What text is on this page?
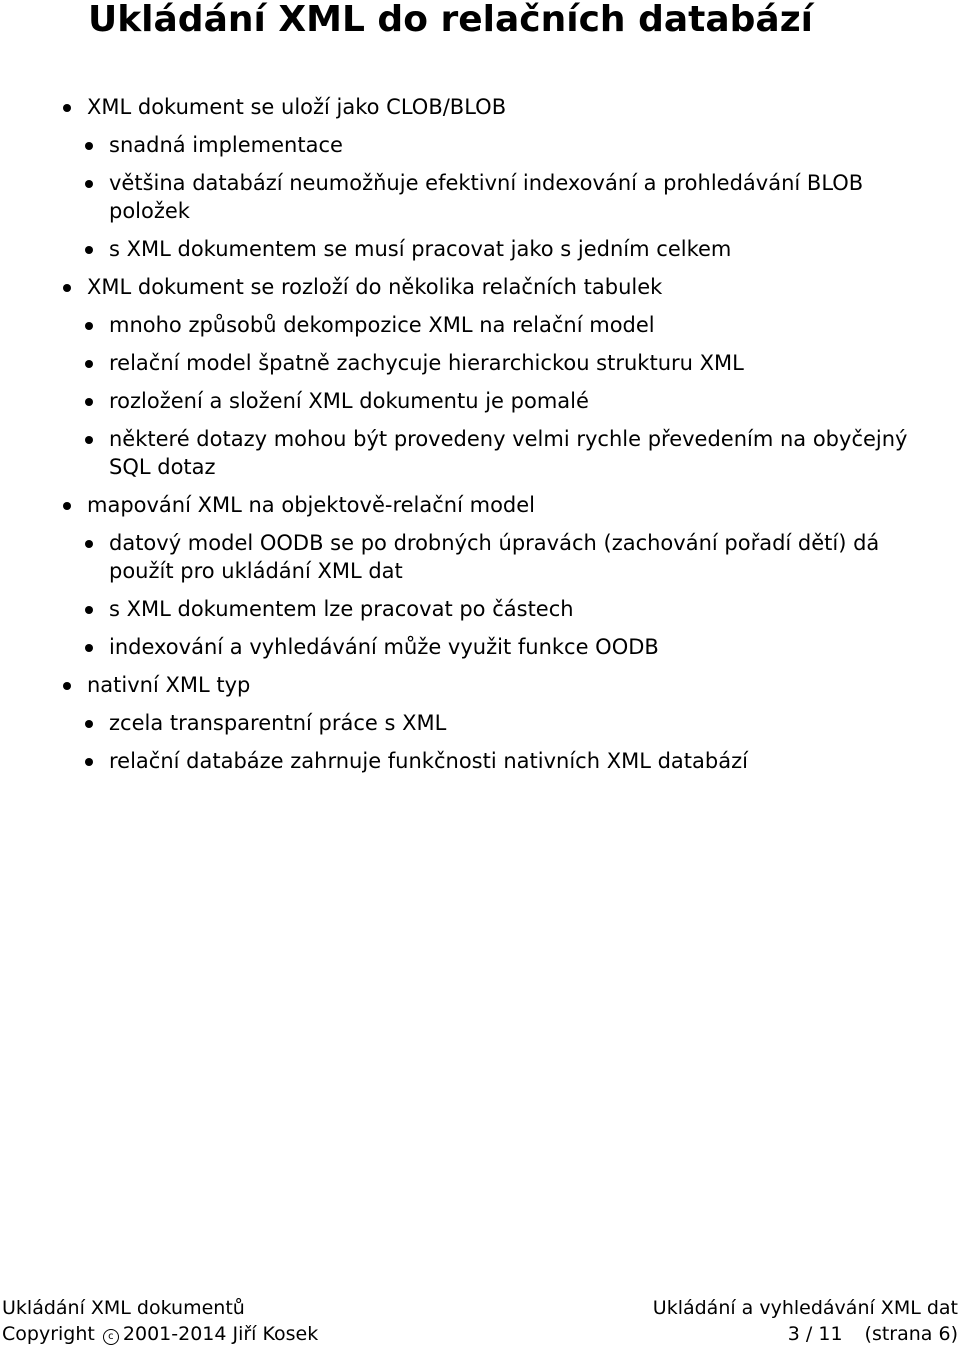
Ukládání XML do relačních databází
XML dokument se uloží jako CLOB/BLOB
snadná implementace
většina databází neumožňuje efektivní indexování a prohledávání BLOB položek
s XML dokumentem se musí pracovat jako s jedním celkem
XML dokument se rozloží do několika relačních tabulek
mnoho způsobů dekompozice XML na relační model
relační model špatně zachycuje hierarchickou strukturu XML
rozložení a složení XML dokumentu je pomalé
některé dotazy mohou být provedeny velmi rychle převedením na obyčejný SQL dotaz
mapování XML na objektově-relační model
datový model OODB se po drobných úpravách (zachování pořadí dětí) dá použít pro ukládání XML dat
s XML dokumentem lze pracovat po částech
indexování a vyhledávání může využit funkce OODB
nativní XML typ
zcela transparentní práce s XML
relační databáze zahrnuje funkčnosti nativních XML databází
Ukládání XML dokumentů	Ukládání a vyhledávání XML dat
Copyright c 2001-2014 Jiří Kosek	3 / 11 (strana 6)
